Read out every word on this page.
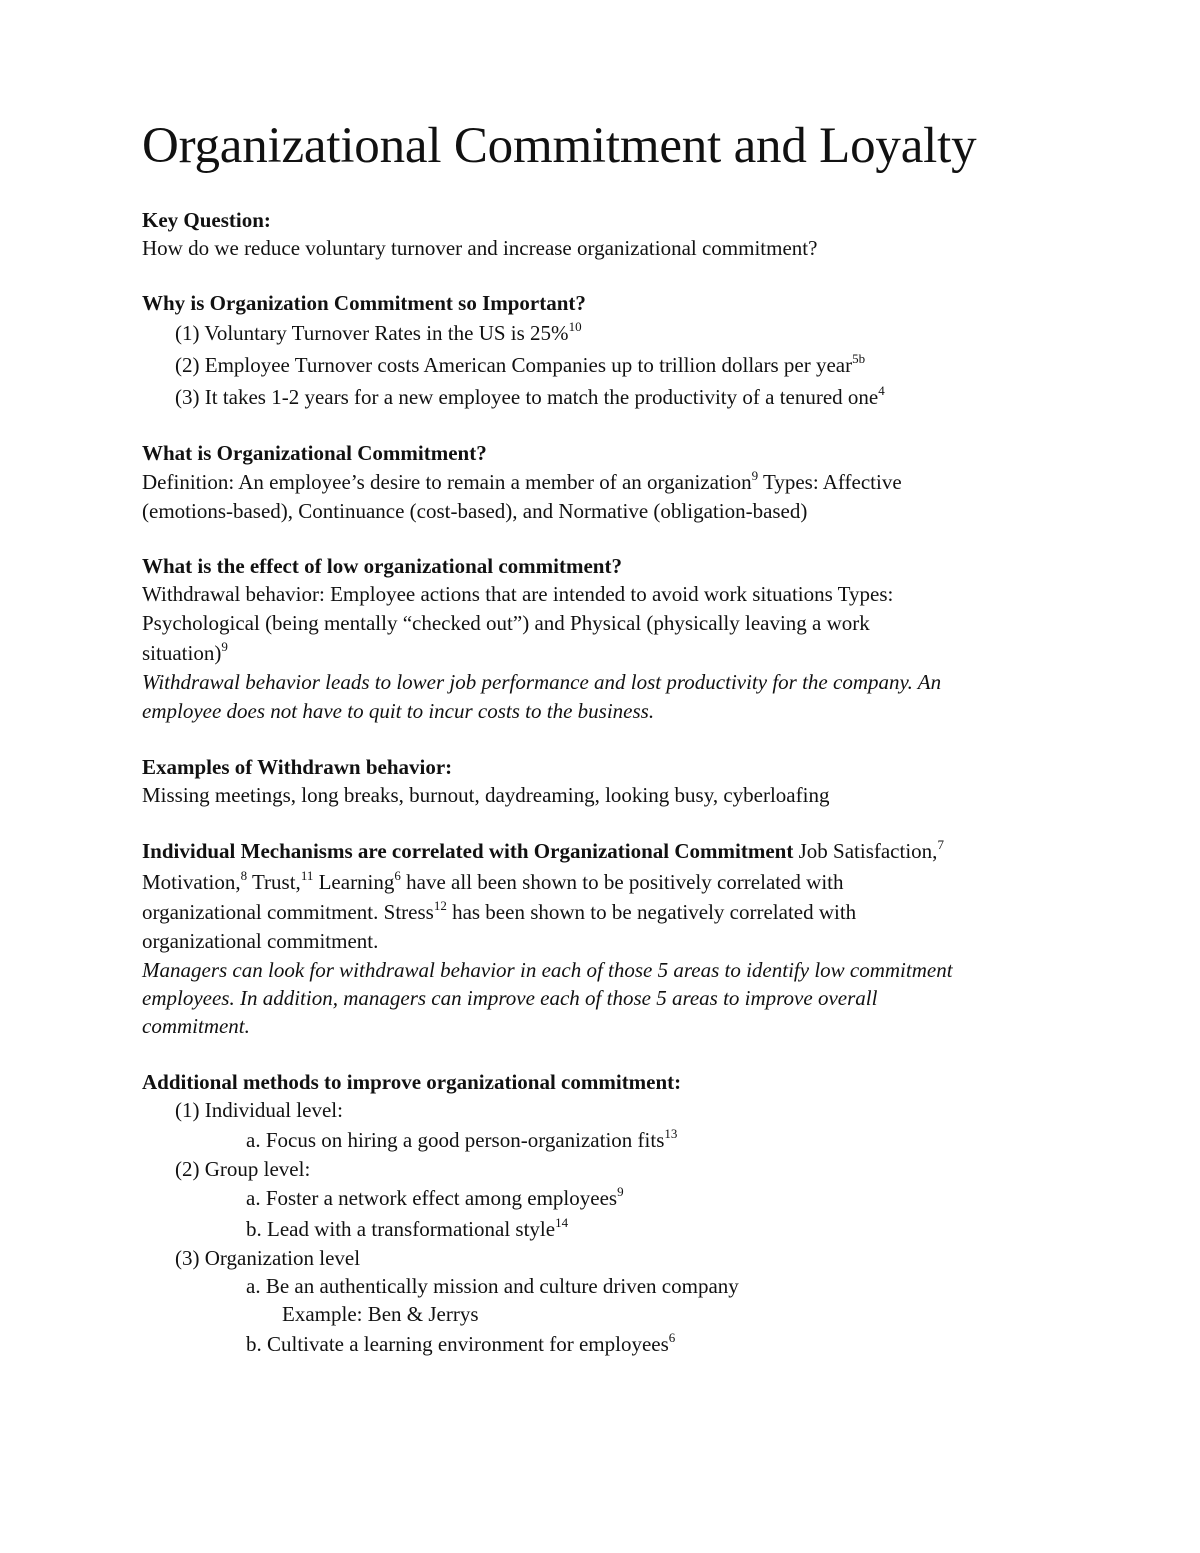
Organizational Commitment and Loyalty

Key Question:

How do we reduce voluntary turnover and increase organizational commitment?

Why is Organization Commitment so Important?

(1) Voluntary Turnover Rates in the US is 25%$^{10}$

(2) Employee Turnover costs American Companies up to trillion dollars per year$^{5b}$

(3) It takes 1-2 years for a new employee to match the productivity of a tenured one$^4$

What is Organizational Commitment?

Definition: An employee’s desire to remain a member of an organization$^9$ Types: Affective

(emotions-based), Continuance (cost-based), and Normative (obligation-based)

What is the effect of low organizational commitment?

Withdrawal behavior: Employee actions that are intended to avoid work situations Types:

Psychological (being mentally “checked out”) and Physical (physically leaving a work

situation)$^9$

Withdrawal behavior leads to lower job performance and lost productivity for the company. An

employee does not have to quit to incur costs to the business.

Examples of Withdrawn behavior:

Missing meetings, long breaks, burnout, daydreaming, looking busy, cyberloafing

Individual Mechanisms are correlated with Organizational Commitment Job Satisfaction,$^7$

Motivation,$^8$ Trust,$^{11}$ Learning$^6$ have all been shown to be positively correlated with

organizational commitment. Stress$^{12}$ has been shown to be negatively correlated with

organizational commitment.

Managers can look for withdrawal behavior in each of those 5 areas to identify low commitment

employees. In addition, managers can improve each of those 5 areas to improve overall

commitment.

Additional methods to improve organizational commitment:

(1) Individual level:

a. Focus on hiring a good person-organization fits$^{13}$

(2) Group level:

a. Foster a network effect among employees$^9$

b. Lead with a transformational style$^{14}$

(3) Organization level

a. Be an authentically mission and culture driven company

Example: Ben & Jerrys

b. Cultivate a learning environment for employees$^6$
